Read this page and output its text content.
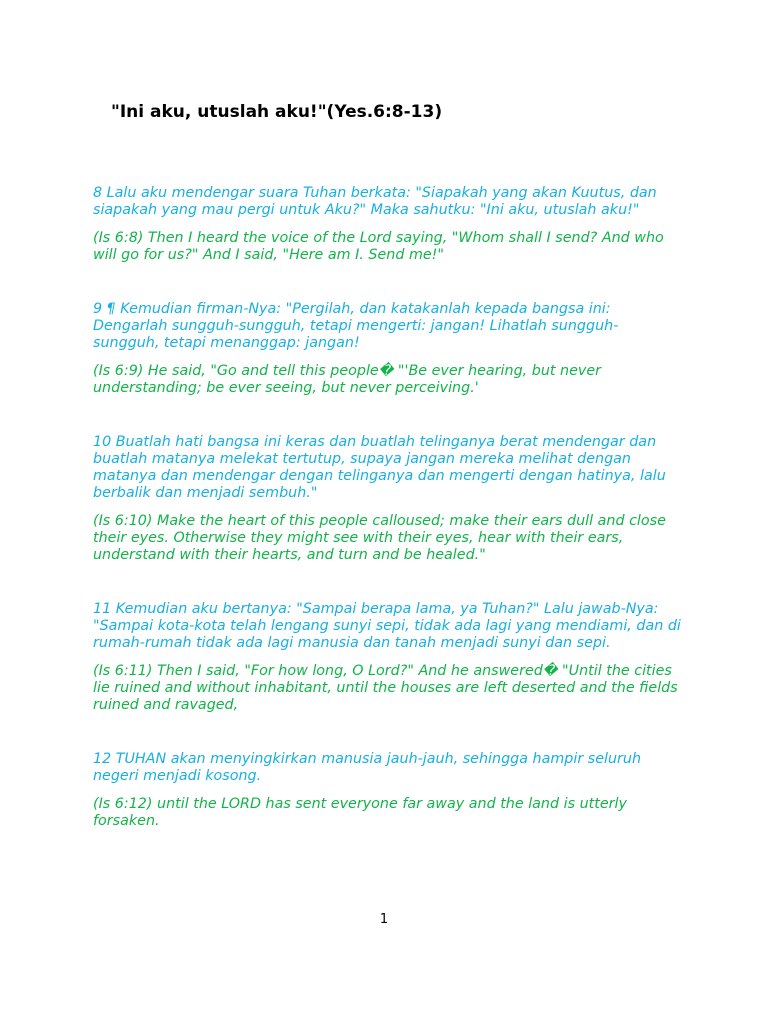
"Ini aku, utuslah aku!"(Yes.6:8-13)

8 Lalu aku mendengar suara Tuhan berkata: "Siapakah yang akan Kuutus, dan siapakah yang mau pergi untuk Aku?" Maka sahutku: "Ini aku, utuslah aku!"

(Is 6:8) Then I heard the voice of the Lord saying, "Whom shall I send? And who will go for us?" And I said, "Here am I. Send me!"

9 ¶ Kemudian firman-Nya: "Pergilah, dan katakanlah kepada bangsa ini: Dengarlah sungguh-sungguh, tetapi mengerti: jangan! Lihatlah sungguh-sungguh, tetapi menanggap: jangan!

(Is 6:9) He said, "Go and tell this people� "'Be ever hearing, but never understanding; be ever seeing, but never perceiving.'

10 Buatlah hati bangsa ini keras dan buatlah telinganya berat mendengar dan buatlah matanya melekat tertutup, supaya jangan mereka melihat dengan matanya dan mendengar dengan telinganya dan mengerti dengan hatinya, lalu berbalik dan menjadi sembuh."

(Is 6:10) Make the heart of this people calloused; make their ears dull and close their eyes. Otherwise they might see with their eyes, hear with their ears, understand with their hearts, and turn and be healed."

11 Kemudian aku bertanya: "Sampai berapa lama, ya Tuhan?" Lalu jawab-Nya: "Sampai kota-kota telah lengang sunyi sepi, tidak ada lagi yang mendiami, dan di rumah-rumah tidak ada lagi manusia dan tanah menjadi sunyi dan sepi.

(Is 6:11) Then I said, "For how long, O Lord?" And he answered� "Until the cities lie ruined and without inhabitant, until the houses are left deserted and the fields ruined and ravaged,

12 TUHAN akan menyingkirkan manusia jauh-jauh, sehingga hampir seluruh negeri menjadi kosong.

(Is 6:12) until the LORD has sent everyone far away and the land is utterly forsaken.

1
